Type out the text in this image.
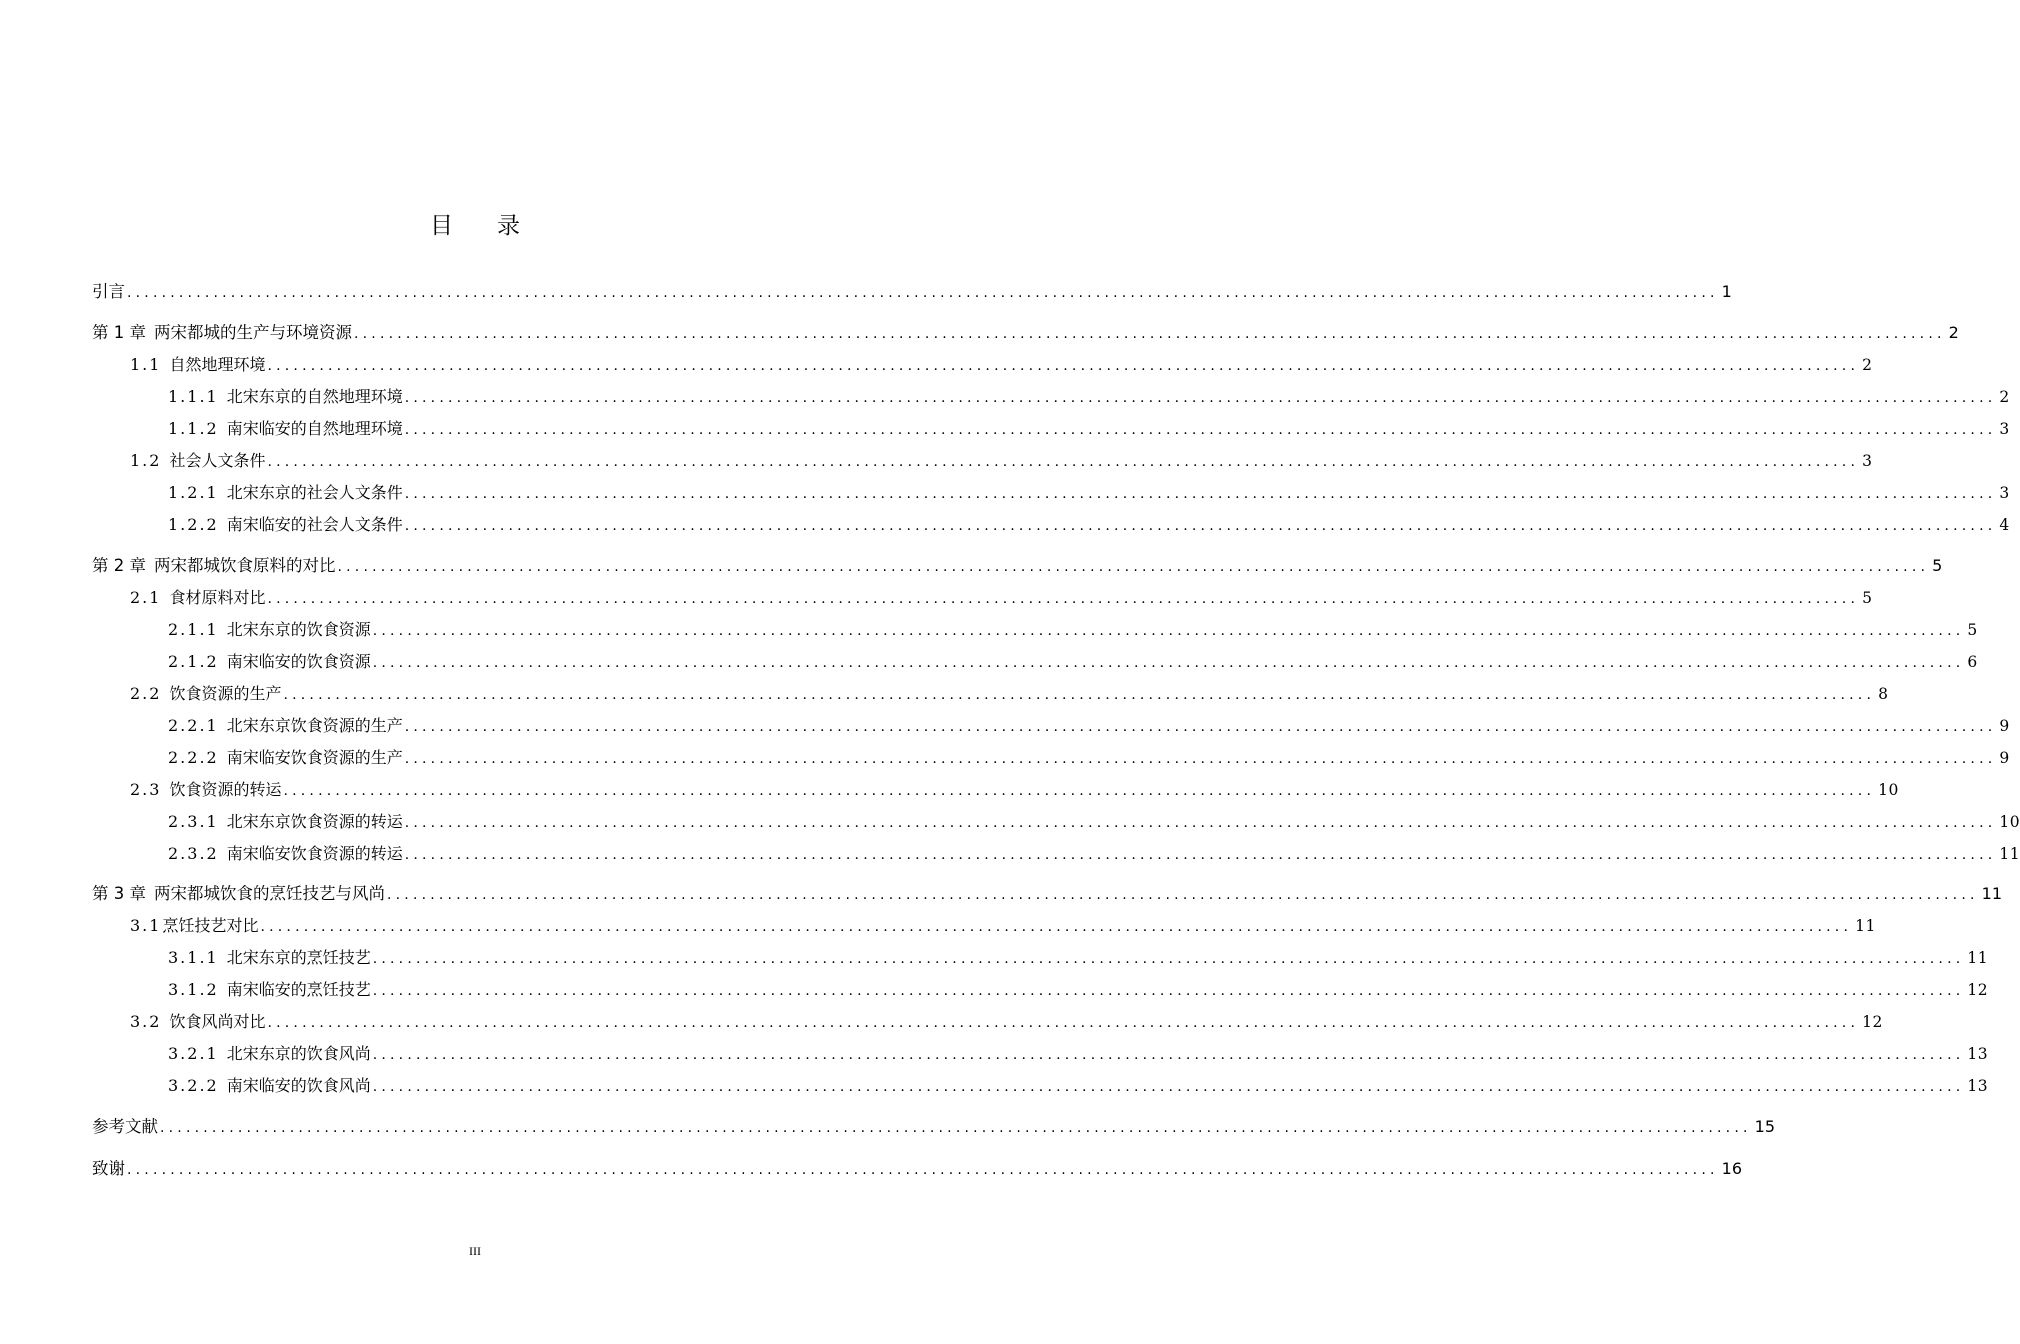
目录
引言 ........................................................................................................................................................................................ 1
第 1 章 两宋都城的生产与环境资源 ........................................................................................................................................................................................ 2
1.1 自然地理环境 ........................................................................................................................................................................................ 2
1.1.1 北宋东京的自然地理环境 ........................................................................................................................................................................................ 2
1.1.2 南宋临安的自然地理环境 ........................................................................................................................................................................................ 3
1.2 社会人文条件 ........................................................................................................................................................................................ 3
1.2.1 北宋东京的社会人文条件 ........................................................................................................................................................................................ 3
1.2.2 南宋临安的社会人文条件 ........................................................................................................................................................................................ 4
第 2 章 两宋都城饮食原料的对比 ........................................................................................................................................................................................ 5
2.1 食材原料对比 ........................................................................................................................................................................................ 5
2.1.1 北宋东京的饮食资源 ........................................................................................................................................................................................ 5
2.1.2 南宋临安的饮食资源 ........................................................................................................................................................................................ 6
2.2 饮食资源的生产 ........................................................................................................................................................................................ 8
2.2.1 北宋东京饮食资源的生产 ........................................................................................................................................................................................ 9
2.2.2 南宋临安饮食资源的生产 ........................................................................................................................................................................................ 9
2.3 饮食资源的转运 ........................................................................................................................................................................................ 10
2.3.1 北宋东京饮食资源的转运 ........................................................................................................................................................................................ 10
2.3.2 南宋临安饮食资源的转运 ........................................................................................................................................................................................ 11
第 3 章 两宋都城饮食的烹饪技艺与风尚 ........................................................................................................................................................................................ 11
3.1烹饪技艺对比 ........................................................................................................................................................................................ 11
3.1.1 北宋东京的烹饪技艺 ........................................................................................................................................................................................ 11
3.1.2 南宋临安的烹饪技艺 ........................................................................................................................................................................................ 12
3.2 饮食风尚对比 ........................................................................................................................................................................................ 12
3.2.1 北宋东京的饮食风尚 ........................................................................................................................................................................................ 13
3.2.2 南宋临安的饮食风尚 ........................................................................................................................................................................................ 13
参考文献 ........................................................................................................................................................................................ 15
致谢 ........................................................................................................................................................................................ 16
III
